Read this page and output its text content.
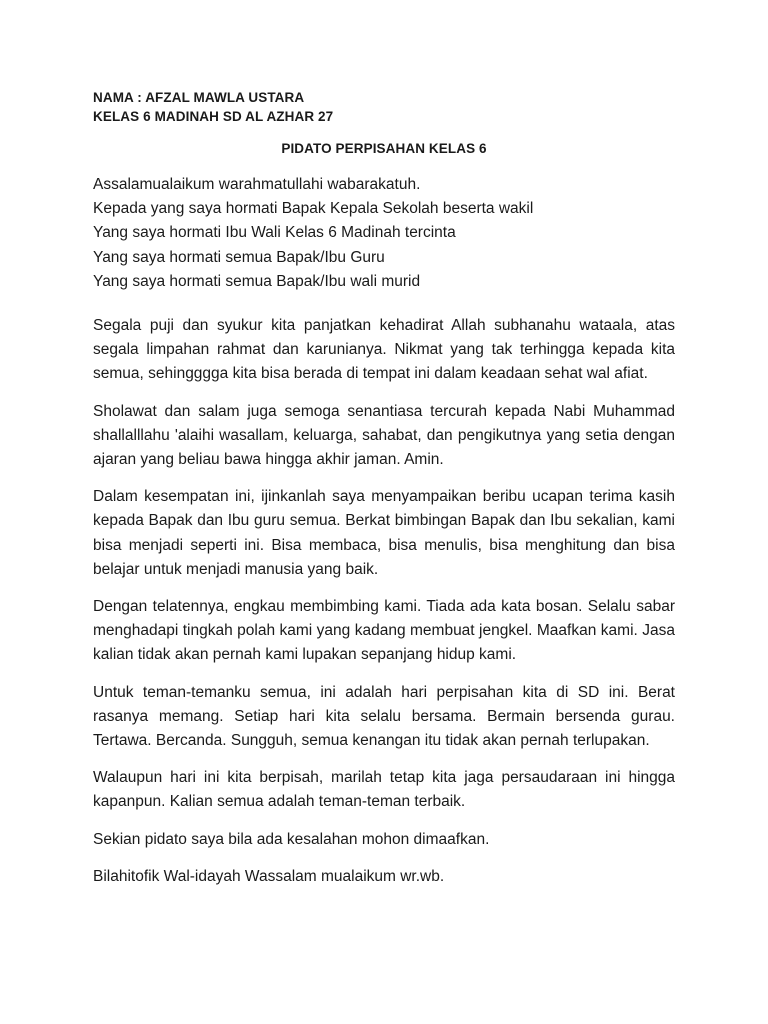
NAMA : AFZAL MAWLA USTARA
KELAS 6 MADINAH SD AL AZHAR 27
PIDATO PERPISAHAN KELAS 6
Assalamualaikum warahmatullahi wabarakatuh.
Kepada yang saya hormati Bapak Kepala Sekolah beserta wakil
Yang saya hormati Ibu Wali Kelas 6 Madinah tercinta
Yang saya hormati semua Bapak/Ibu Guru
Yang saya hormati semua Bapak/Ibu wali murid

Segala puji dan syukur kita panjatkan kehadirat Allah subhanahu wataala, atas segala limpahan rahmat dan karunianya. Nikmat yang tak terhingga kepada kita semua, sehingggga kita bisa berada di tempat ini dalam keadaan sehat wal afiat.

Sholawat dan salam juga semoga senantiasa tercurah kepada Nabi Muhammad shallalllahu 'alaihi wasallam, keluarga, sahabat, dan pengikutnya yang setia dengan ajaran yang beliau bawa hingga akhir jaman. Amin.

Dalam kesempatan ini, ijinkanlah saya menyampaikan beribu ucapan terima kasih kepada Bapak dan Ibu guru semua. Berkat bimbingan Bapak dan Ibu sekalian, kami bisa menjadi seperti ini. Bisa membaca, bisa menulis, bisa menghitung dan bisa belajar untuk menjadi manusia yang baik.

Dengan telatennya, engkau membimbing kami. Tiada ada kata bosan. Selalu sabar menghadapi tingkah polah kami yang kadang membuat jengkel. Maafkan kami. Jasa kalian tidak akan pernah kami lupakan sepanjang hidup kami.

Untuk teman-temanku semua, ini adalah hari perpisahan kita di SD ini. Berat rasanya memang. Setiap hari kita selalu bersama. Bermain bersenda gurau. Tertawa. Bercanda. Sungguh, semua kenangan itu tidak akan pernah terlupakan.

Walaupun hari ini kita berpisah, marilah tetap kita jaga persaudaraan ini hingga kapanpun. Kalian semua adalah teman-teman terbaik.

Sekian pidato saya bila ada kesalahan mohon dimaafkan.

Bilahitofik Wal-idayah Wassalam mualaikum wr.wb.
